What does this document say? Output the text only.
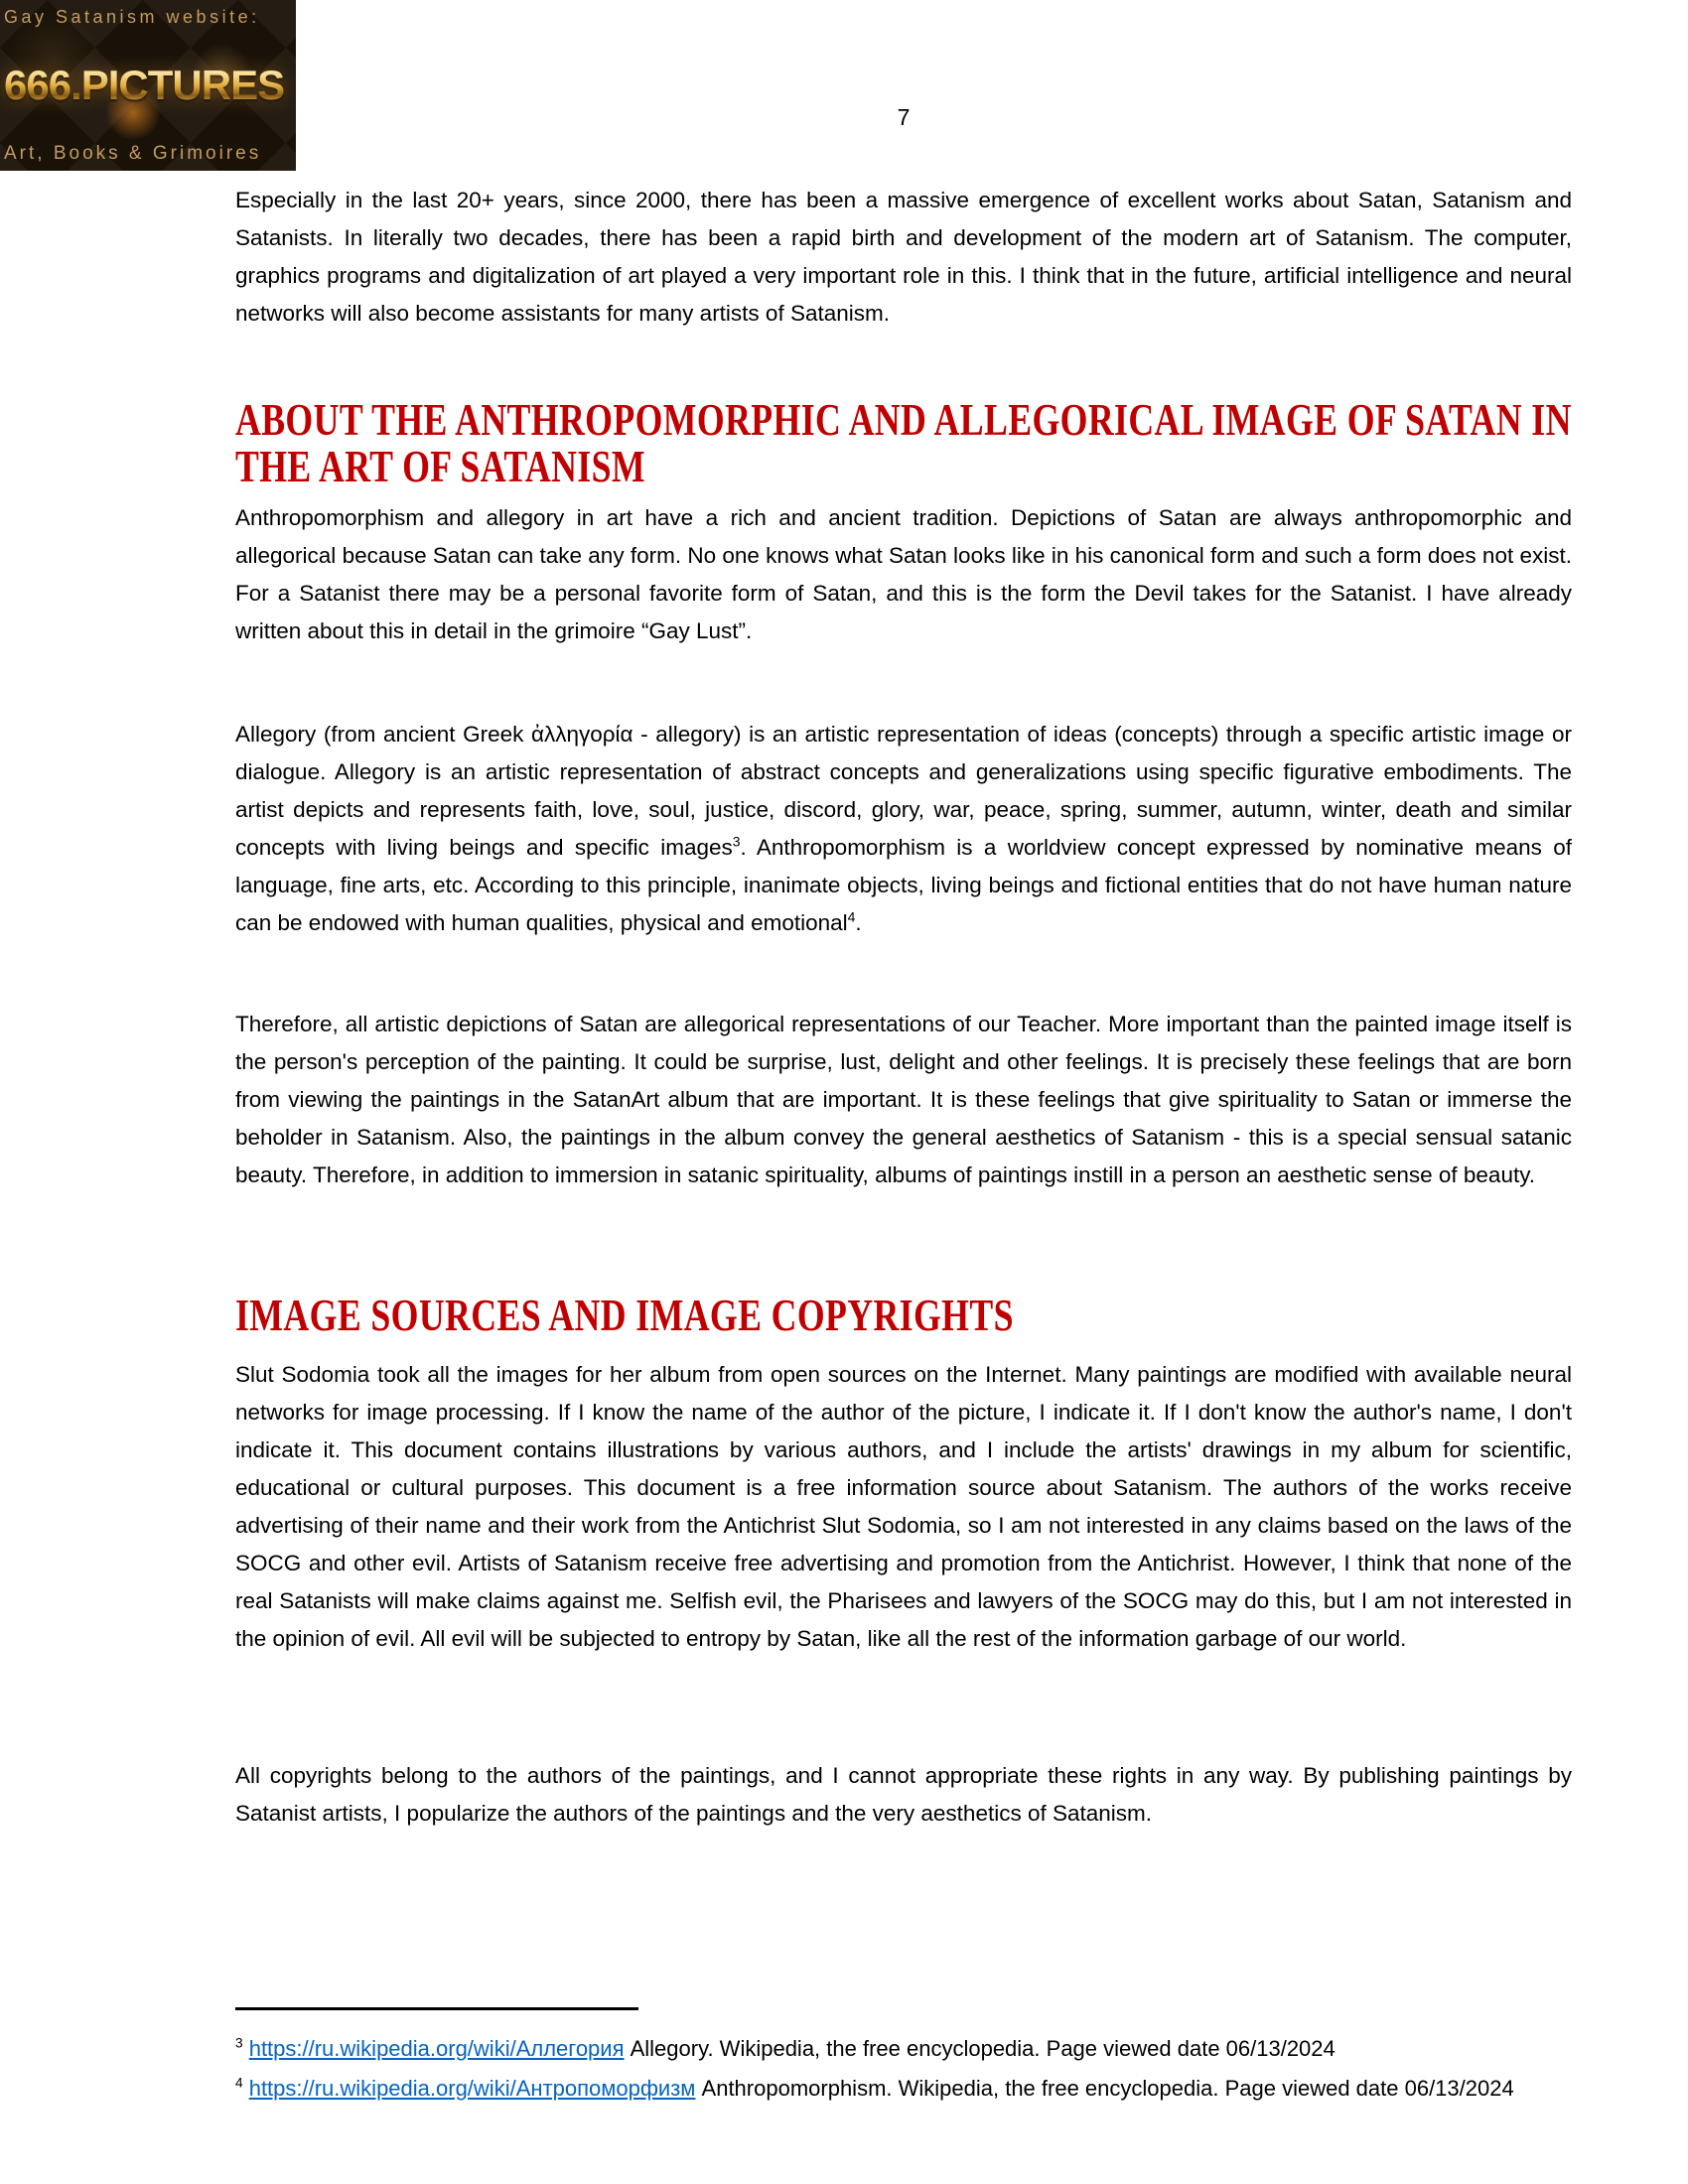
Gay Satanism website:
666.PICTURES
Art, Books & Grimoires
7

Especially in the last 20+ years, since 2000, there has been a massive emergence of excellent works about Satan, Satanism and Satanists. In literally two decades, there has been a rapid birth and development of the modern art of Satanism. The computer, graphics programs and digitalization of art played a very important role in this. I think that in the future, artificial intelligence and neural networks will also become assistants for many artists of Satanism.

ABOUT THE ANTHROPOMORPHIC AND ALLEGORICAL IMAGE OF SATAN IN
THE ART OF SATANISM

Anthropomorphism and allegory in art have a rich and ancient tradition. Depictions of Satan are always anthropomorphic and allegorical because Satan can take any form. No one knows what Satan looks like in his canonical form and such a form does not exist. For a Satanist there may be a personal favorite form of Satan, and this is the form the Devil takes for the Satanist. I have already written about this in detail in the grimoire “Gay Lust”.

Allegory (from ancient Greek ἀλληγορία - allegory) is an artistic representation of ideas (concepts) through a specific artistic image or dialogue. Allegory is an artistic representation of abstract concepts and generalizations using specific figurative embodiments. The artist depicts and represents faith, love, soul, justice, discord, glory, war, peace, spring, summer, autumn, winter, death and similar concepts with living beings and specific images$^3$. Anthropomorphism is a worldview concept expressed by nominative means of language, fine arts, etc. According to this principle, inanimate objects, living beings and fictional entities that do not have human nature can be endowed with human qualities, physical and emotional$^4$.

Therefore, all artistic depictions of Satan are allegorical representations of our Teacher. More important than the painted image itself is the person's perception of the painting. It could be surprise, lust, delight and other feelings. It is precisely these feelings that are born from viewing the paintings in the SatanArt album that are important. It is these feelings that give spirituality to Satan or immerse the beholder in Satanism. Also, the paintings in the album convey the general aesthetics of Satanism - this is a special sensual satanic beauty. Therefore, in addition to immersion in satanic spirituality, albums of paintings instill in a person an aesthetic sense of beauty.

IMAGE SOURCES AND IMAGE COPYRIGHTS

Slut Sodomia took all the images for her album from open sources on the Internet. Many paintings are modified with available neural networks for image processing. If I know the name of the author of the picture, I indicate it. If I don't know the author's name, I don't indicate it. This document contains illustrations by various authors, and I include the artists' drawings in my album for scientific, educational or cultural purposes. This document is a free information source about Satanism. The authors of the works receive advertising of their name and their work from the Antichrist Slut Sodomia, so I am not interested in any claims based on the laws of the SOCG and other evil. Artists of Satanism receive free advertising and promotion from the Antichrist. However, I think that none of the real Satanists will make claims against me. Selfish evil, the Pharisees and lawyers of the SOCG may do this, but I am not interested in the opinion of evil. All evil will be subjected to entropy by Satan, like all the rest of the information garbage of our world.

All copyrights belong to the authors of the paintings, and I cannot appropriate these rights in any way. By publishing paintings by Satanist artists, I popularize the authors of the paintings and the very aesthetics of Satanism.

$^3$ https://ru.wikipedia.org/wiki/Аллегория Allegory. Wikipedia, the free encyclopedia. Page viewed date 06/13/2024
$^4$ https://ru.wikipedia.org/wiki/Антропоморфизм Anthropomorphism. Wikipedia, the free encyclopedia. Page viewed date 06/13/2024
